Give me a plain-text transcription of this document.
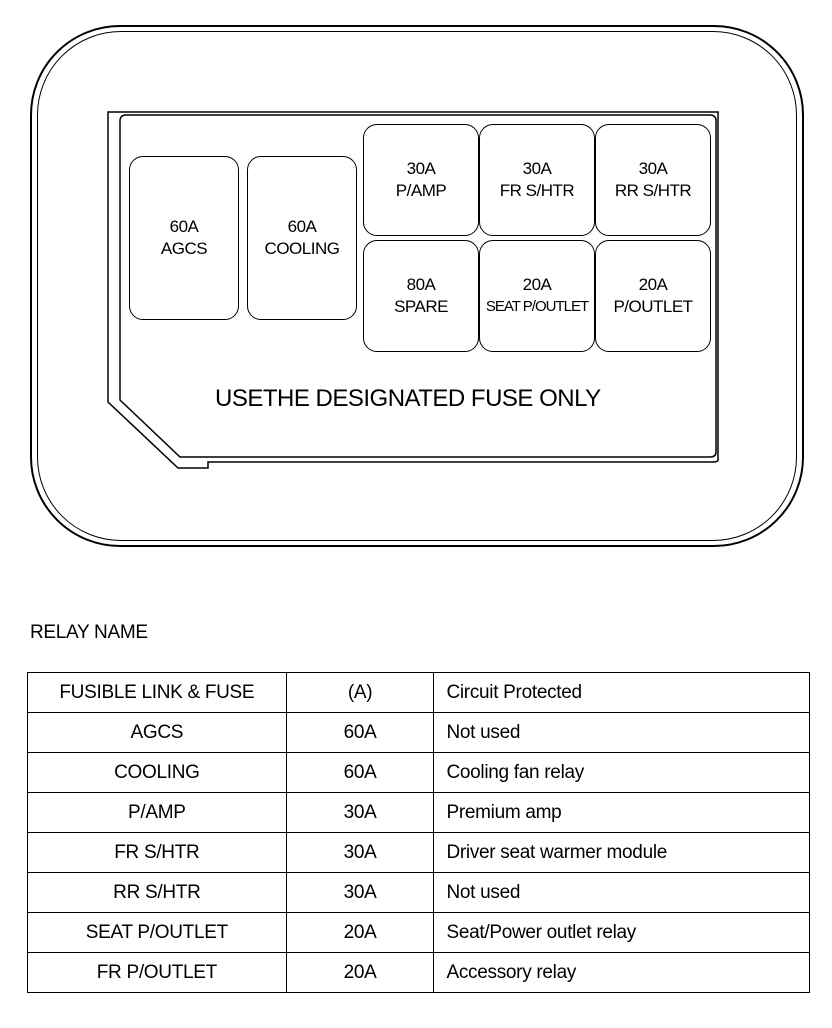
60A
AGCS
60A
COOLING
30A
P/AMP
30A
FR S/HTR
30A
RR S/HTR
80A
SPARE
20A
SEAT P/OUTLET
20A
P/OUTLET
USETHE DESIGNATED FUSE ONLY
RELAY NAME
FUSIBLE LINK & FUSE	(A)	Circuit Protected
AGCS	60A	Not used
COOLING	60A	Cooling fan relay
P/AMP	30A	Premium amp
FR S/HTR	30A	Driver seat warmer module
RR S/HTR	30A	Not used
SEAT P/OUTLET	20A	Seat/Power outlet relay
FR P/OUTLET	20A	Accessory relay
